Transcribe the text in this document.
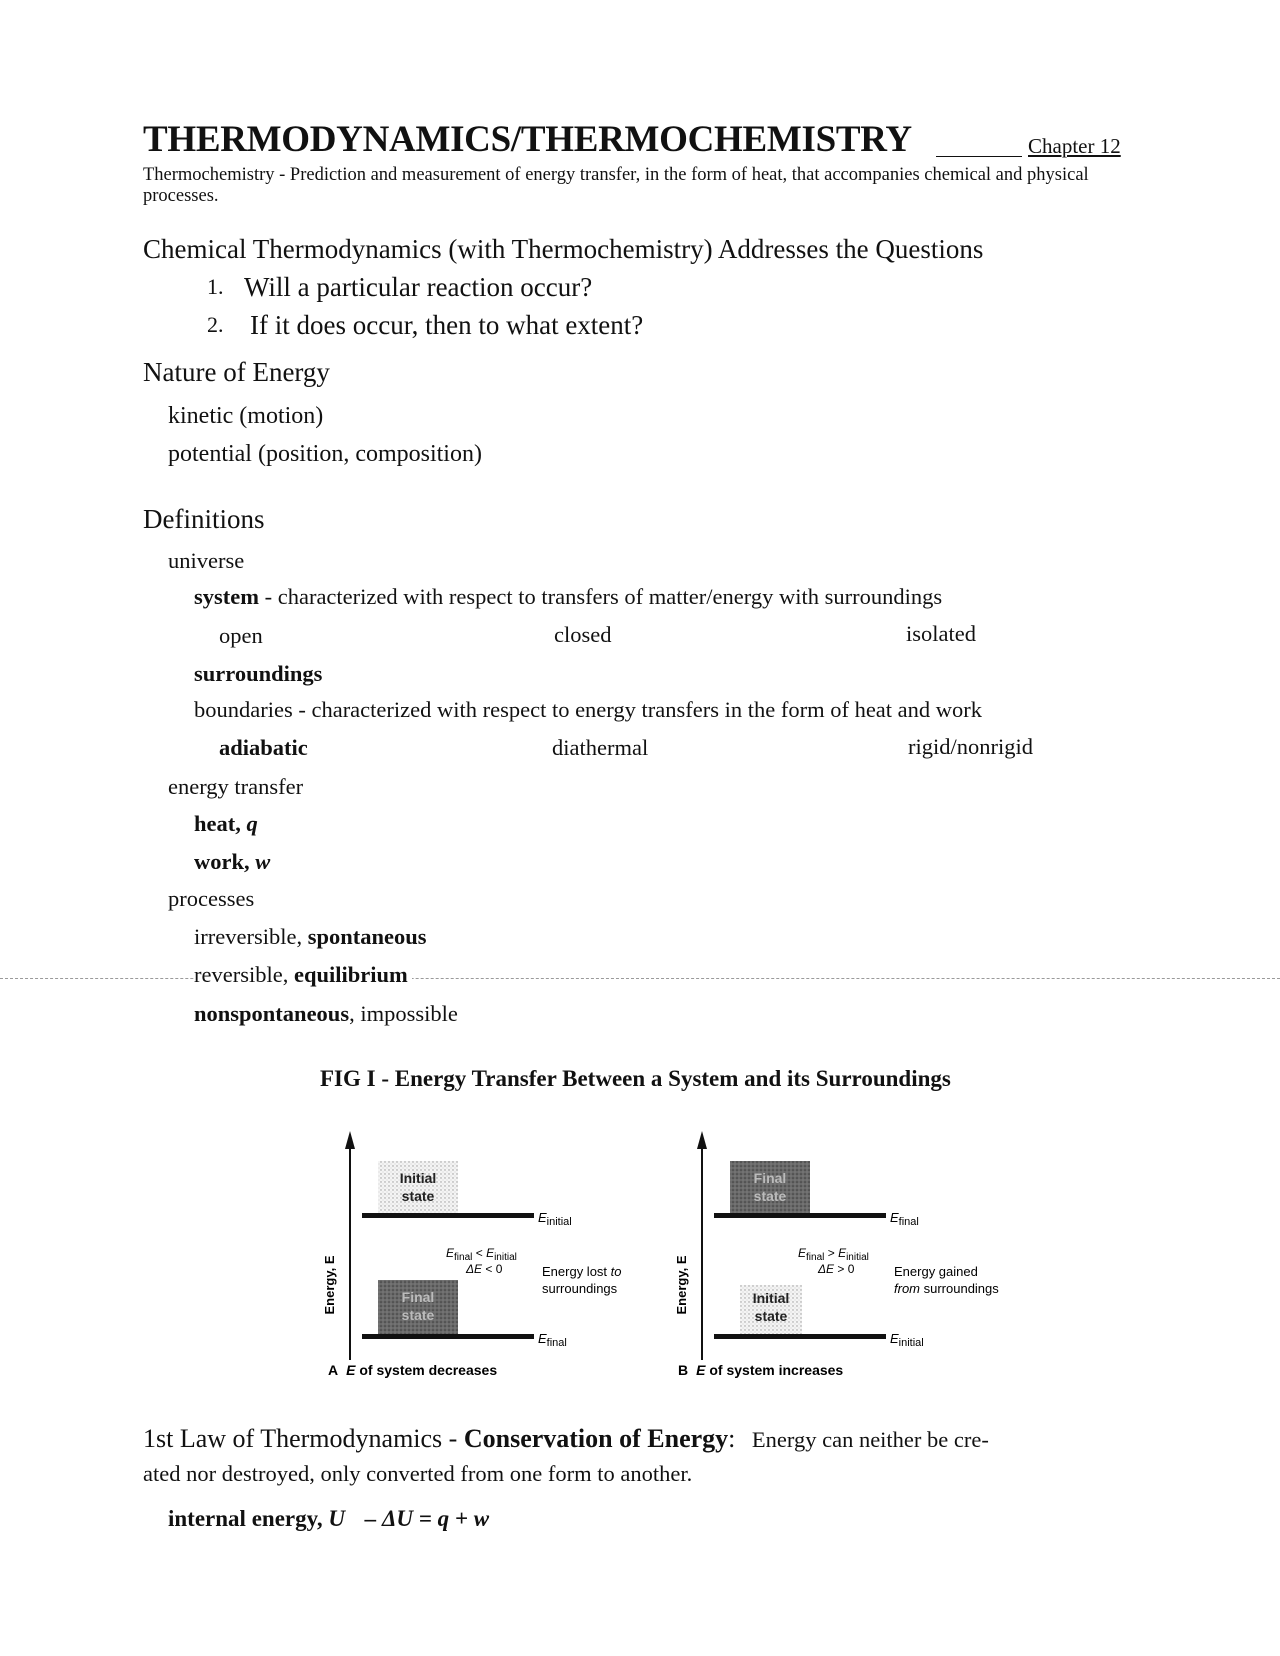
THERMODYNAMICS/THERMOCHEMISTRY	Chapter 12
Thermochemistry - Prediction and measurement of energy transfer, in the form of heat, that accompanies chemical and physical processes.
Chemical Thermodynamics (with Thermochemistry) Addresses the Questions
1. Will a particular reaction occur?
2. If it does occur, then to what extent?
Nature of Energy
kinetic (motion)
potential (position, composition)
Definitions
universe
system - characterized with respect to transfers of matter/energy with surroundings
open	closed	isolated
surroundings
boundaries - characterized with respect to energy transfers in the form of heat and work
adiabatic	diathermal	rigid/nonrigid
energy transfer
heat, q
work, w
processes
irreversible, spontaneous
reversible, equilibrium
nonspontaneous, impossible
FIG I - Energy Transfer Between a System and its Surroundings
Energy, E
Initial
state
$E_{initial}$
$E_{final} < E_{initial}$
ΔE < 0	Energy lost to
surroundings
Final
state
$E_{final}$
A E of system decreases
Energy, E
Final
state
$E_{final}$
$E_{final} > E_{initial}$
ΔE > 0	Energy gained
from surroundings
Initial
state
$E_{initial}$
B E of system increases
1st Law of Thermodynamics - Conservation of Energy: Energy can neither be cre-
ated nor destroyed, only converted from one form to another.
internal energy, U – ΔU = q + w
